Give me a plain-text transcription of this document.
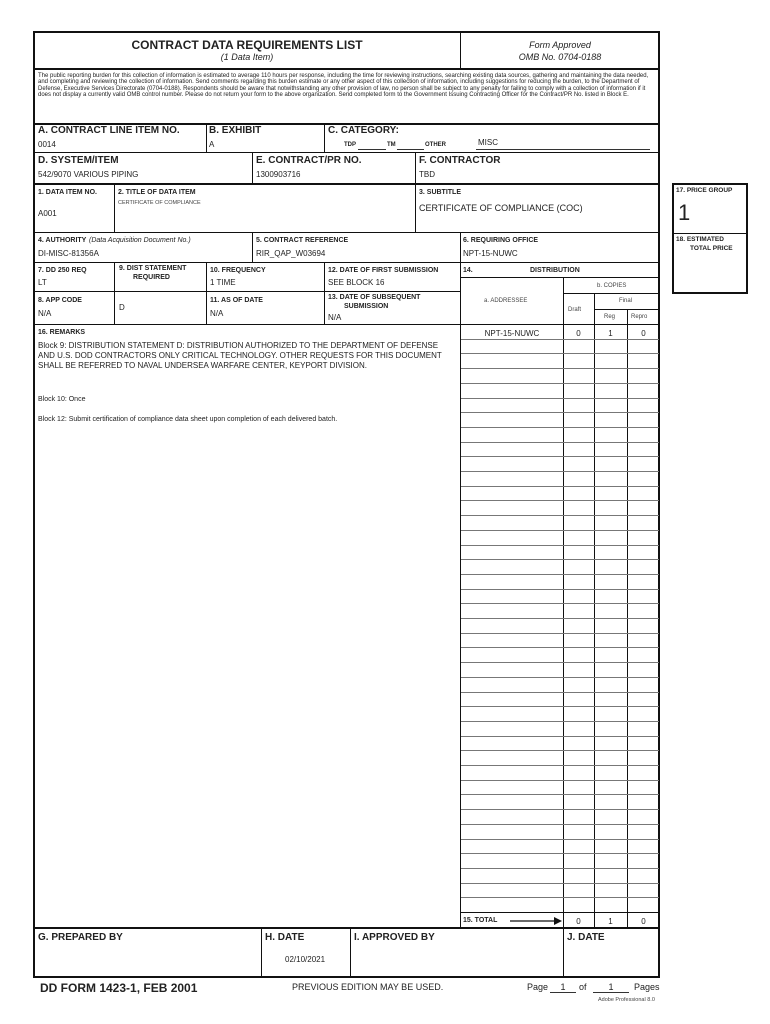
CONTRACT DATA REQUIREMENTS LIST
(1 Data Item)
Form Approved
OMB No. 0704-0188
The public reporting burden for this collection of information is estimated to average 110 hours per response, including the time for reviewing instructions, searching existing data sources, gathering and maintaining the data needed, and completing and reviewing the collection of information. Send comments regarding this burden estimate or any other aspect of this collection of information, including suggestions for reducing the burden, to the Department of Defense, Executive Services Directorate (0704-0188). Respondents should be aware that notwithstanding any other provision of law, no person shall be subject to any penalty for failing to comply with a collection of information if it does not display a currently valid OMB control number. Please do not return your form to the above organization. Send completed form to the Government Issuing Contracting Officer for the Contract/PR No. listed in Block E.
A. CONTRACT LINE ITEM NO.
0014
B. EXHIBIT
A
C. CATEGORY:
TDP	TM	OTHER	MISC
D. SYSTEM/ITEM
542/9070 VARIOUS PIPING
E. CONTRACT/PR NO.
1300903716
F. CONTRACTOR
TBD
1. DATA ITEM NO.
A001
2. TITLE OF DATA ITEM
CERTIFICATE OF COMPLIANCE
3. SUBTITLE
CERTIFICATE OF COMPLIANCE (COC)
4. AUTHORITY (Data Acquisition Document No.)
DI-MISC-81356A
5. CONTRACT REFERENCE
RIR_QAP_W03694
6. REQUIRING OFFICE
NPT-15-NUWC
7. DD 250 REQ
LT
9. DIST STATEMENT
REQUIRED
D
10. FREQUENCY
1 TIME
12. DATE OF FIRST SUBMISSION
SEE BLOCK 16
14.	DISTRIBUTION
8. APP CODE
N/A
11. AS OF DATE
N/A
13. DATE OF SUBSEQUENT
SUBMISSION
N/A
a. ADDRESSEE
b. COPIES
Draft
Final
Reg	Repro
16. REMARKS
Block 9: DISTRIBUTION STATEMENT D: DISTRIBUTION AUTHORIZED TO THE DEPARTMENT OF DEFENSE AND U.S. DOD CONTRACTORS ONLY CRITICAL TECHNOLOGY. OTHER REQUESTS FOR THIS DOCUMENT SHALL BE REFERRED TO NAVAL UNDERSEA WARFARE CENTER, KEYPORT DIVISION.
Block 10: Once
Block 12: Submit certification of compliance data sheet upon completion of each delivered batch.
NPT-15-NUWC	0	1	0
15. TOTAL	0	1	0
G. PREPARED BY	H. DATE
02/10/2021
I. APPROVED BY	J. DATE
17. PRICE GROUP
1
18. ESTIMATED
TOTAL PRICE
DD FORM 1423-1, FEB 2001	PREVIOUS EDITION MAY BE USED.	Page	1	of	1	Pages
Adobe Professional 8.0
